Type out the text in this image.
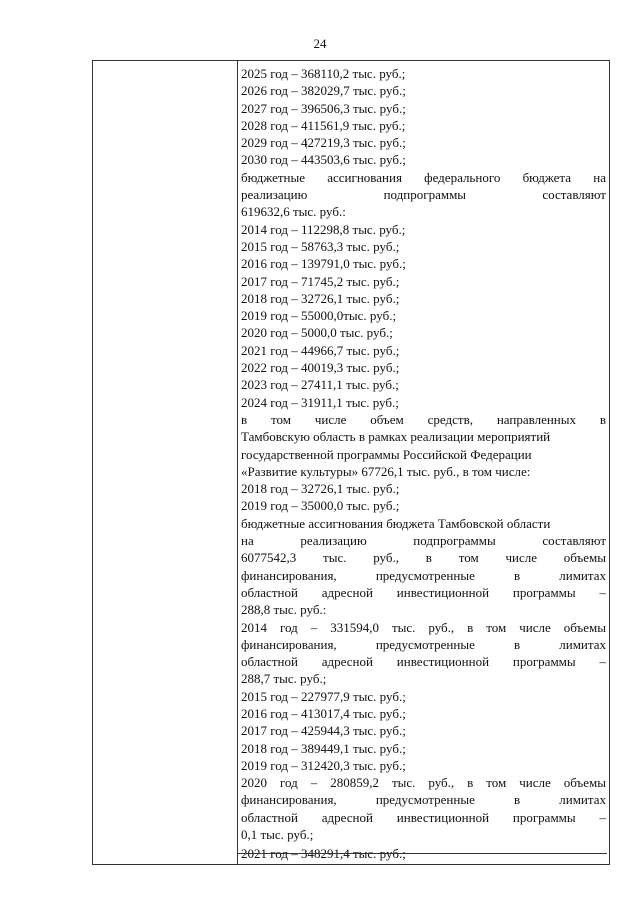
24
2025 год – 368110,2 тыс. руб.;
2026 год – 382029,7 тыс. руб.;
2027 год – 396506,3 тыс. руб.;
2028 год – 411561,9 тыс. руб.;
2029 год – 427219,3 тыс. руб.;
2030 год – 443503,6 тыс. руб.;
бюджетные ассигнования федерального бюджета на
реализацию подпрограммы составляют
619632,6 тыс. руб.:
2014 год – 112298,8 тыс. руб.;
2015 год – 58763,3 тыс. руб.;
2016 год – 139791,0 тыс. руб.;
2017 год – 71745,2 тыс. руб.;
2018 год – 32726,1 тыс. руб.;
2019 год – 55000,0тыс. руб.;
2020 год – 5000,0 тыс. руб.;
2021 год – 44966,7 тыс. руб.;
2022 год – 40019,3 тыс. руб.;
2023 год – 27411,1 тыс. руб.;
2024 год – 31911,1 тыс. руб.;
в том числе объем средств, направленных в
Тамбовскую область в рамках реализации мероприятий
государственной программы Российской Федерации
«Развитие культуры» 67726,1 тыс. руб., в том числе:
2018 год – 32726,1 тыс. руб.;
2019 год – 35000,0 тыс. руб.;
бюджетные ассигнования бюджета Тамбовской области
на реализацию подпрограммы составляют
6077542,3 тыс. руб., в том числе объемы
финансирования, предусмотренные в лимитах
областной адресной инвестиционной программы –
288,8 тыс. руб.:
2014 год – 331594,0 тыс. руб., в том числе объемы
финансирования, предусмотренные в лимитах
областной адресной инвестиционной программы –
288,7 тыс. руб.;
2015 год – 227977,9 тыс. руб.;
2016 год – 413017,4 тыс. руб.;
2017 год – 425944,3 тыс. руб.;
2018 год – 389449,1 тыс. руб.;
2019 год – 312420,3 тыс. руб.;
2020 год – 280859,2 тыс. руб., в том числе объемы
финансирования, предусмотренные в лимитах
областной адресной инвестиционной программы –
0,1 тыс. руб.;
2021 год – 348291,4 тыс. руб.;
